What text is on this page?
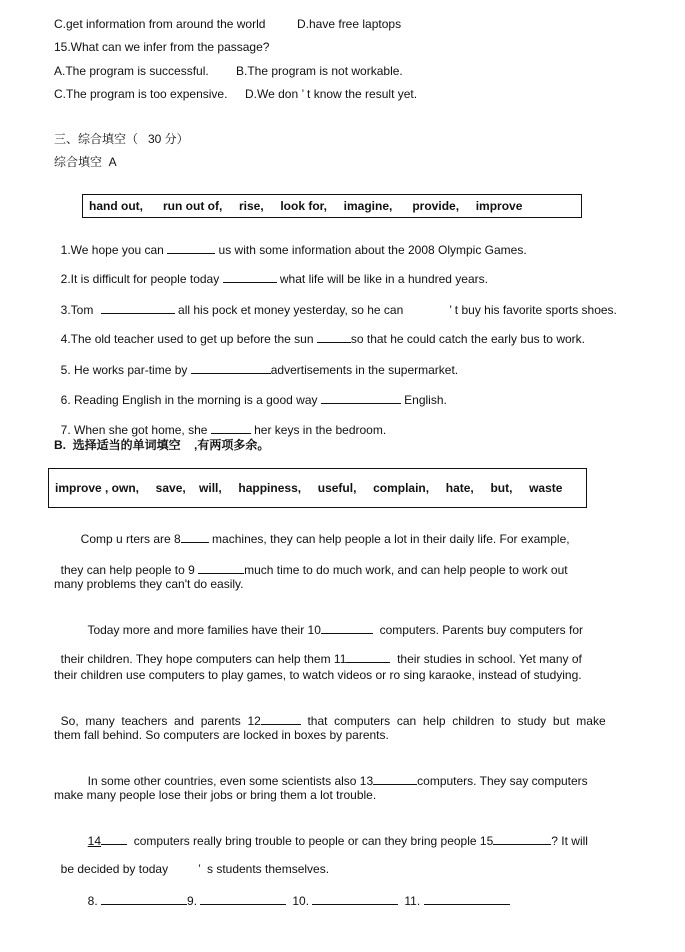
C.get information from around the world	D.have free laptops
15.What can we infer from the passage?
A.The program is successful. B.The program is not workable.
C.The program is too expensive. D.We don ’ t know the result yet.
三、综合填空（   30 分）
综合填空  A
hand out,      run out of,     rise,     look for,     imagine,      provide,     improve

1.We hope you can	us with some information about the 2008 Olympic Games.

2.It is difficult for people today	what life will be like in a hundred years.

3.Tom	all his pock et money yesterday, so he can	’ t buy his favorite sports shoes.

4.The old teacher used to get up before the sun	so that he could catch the early bus to work.

5. He works par-time by	advertisements in the supermarket.

6. Reading English in the morning is a good way	English.

7. When she got home, she	her keys in the bedroom.

B.  选择适当的单词填空    ,有两项多余。
improve , own,     save,    will,     happiness,     useful,     complain,     hate,     but,     waste

Comp u rters are 8 machines, they can help people a lot in their daily life. For example,

they can help people to 9	much time to do much work, and can help people to work out

many problems they can't do easily.

Today more and more families have their 10	computers. Parents buy computers for

their children. They hope computers can help them 11	their studies in school. Yet many of

their children use computers to play games, to watch videos or ro sing karaoke, instead of studying.

So,  many  teachers  and  parents  12	that  computers  can  help  children  to  study  but  make

them fall behind. So computers are locked in boxes by parents.

In some other countries, even some scientists also 13	computers. They say computers

make many people lose their jobs or bring them a lot trouble.

14  computers really bring trouble to people or can they bring people 15	? It will

be decided by today	’  s students themselves.

8.	9.	10.	11.
